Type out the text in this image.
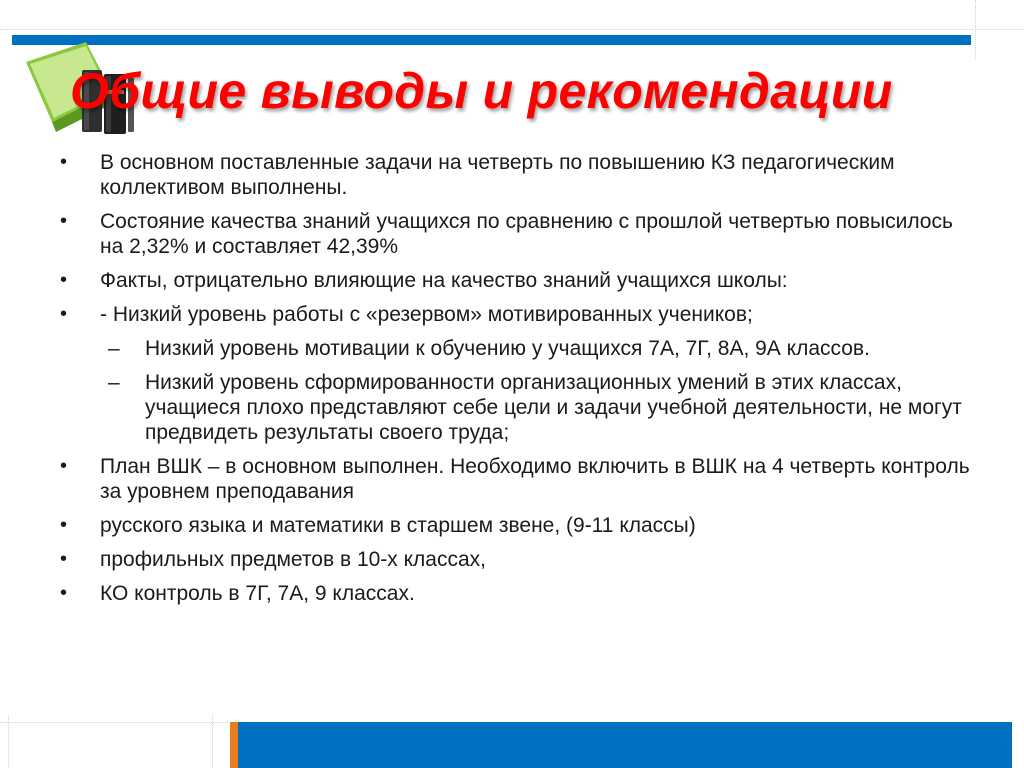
Общие выводы и рекомендации
• В основном поставленные задачи на четверть по повышению КЗ педагогическим коллективом выполнены.
• Состояние качества знаний учащихся по сравнению с прошлой четвертью повысилось на 2,32% и составляет 42,39%
• Факты, отрицательно влияющие на качество знаний учащихся школы:
• - Низкий уровень работы с «резервом» мотивированных учеников;
– Низкий уровень мотивации к обучению у учащихся 7А, 7Г, 8А, 9А классов.
– Низкий уровень сформированности организационных умений в этих классах, учащиеся плохо представляют себе цели и задачи учебной деятельности, не могут предвидеть результаты своего труда;
• План ВШК – в основном выполнен. Необходимо включить в ВШК на 4 четверть контроль за уровнем преподавания
• русского языка и математики в старшем звене, (9-11 классы)
• профильных предметов в 10-х классах,
• КО контроль в 7Г, 7А, 9 классах.
